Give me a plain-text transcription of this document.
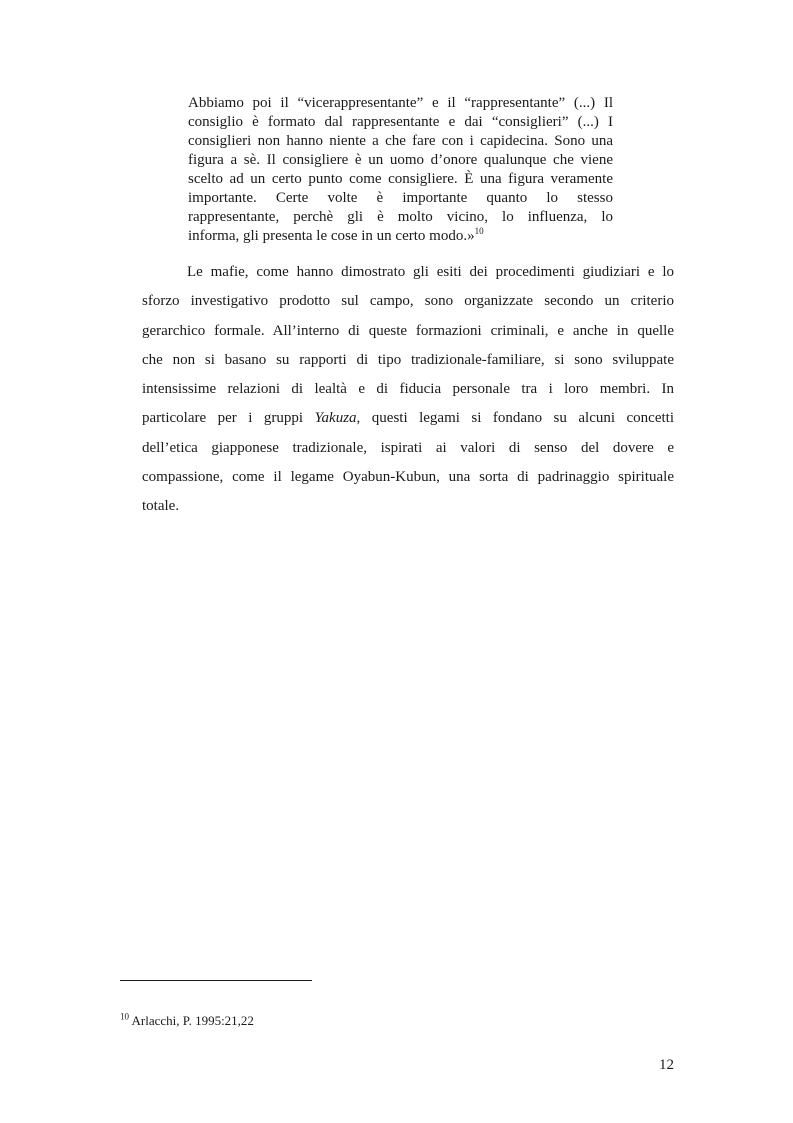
Abbiamo poi il “vicerappresentante” e il “rappresentante” (...) Il
consiglio è formato dal rappresentante e dai “consiglieri” (...) I
consiglieri non hanno niente a che fare con i capidecina. Sono una
figura a sè. Il consigliere è un uomo d’onore qualunque che viene
scelto ad un certo punto come consigliere. È una figura veramente
importante. Certe volte è importante quanto lo stesso
rappresentante, perchè gli è molto vicino, lo influenza, lo
informa, gli presenta le cose in un certo modo.»$^{10}$
Le mafie, come hanno dimostrato gli esiti dei procedimenti giudiziari e lo
sforzo investigativo prodotto sul campo, sono organizzate secondo un criterio
gerarchico formale. All’interno di queste formazioni criminali, e anche in quelle
che non si basano su rapporti di tipo tradizionale-familiare, si sono sviluppate
intensissime relazioni di lealtà e di fiducia personale tra i loro membri. In
particolare per i gruppi Yakuza, questi legami si fondano su alcuni concetti
dell’etica giapponese tradizionale, ispirati ai valori di senso del dovere e
compassione, come il legame Oyabun-Kubun, una sorta di padrinaggio spirituale
totale.
$^{10}$ Arlacchi, P. 1995:21,22
12
